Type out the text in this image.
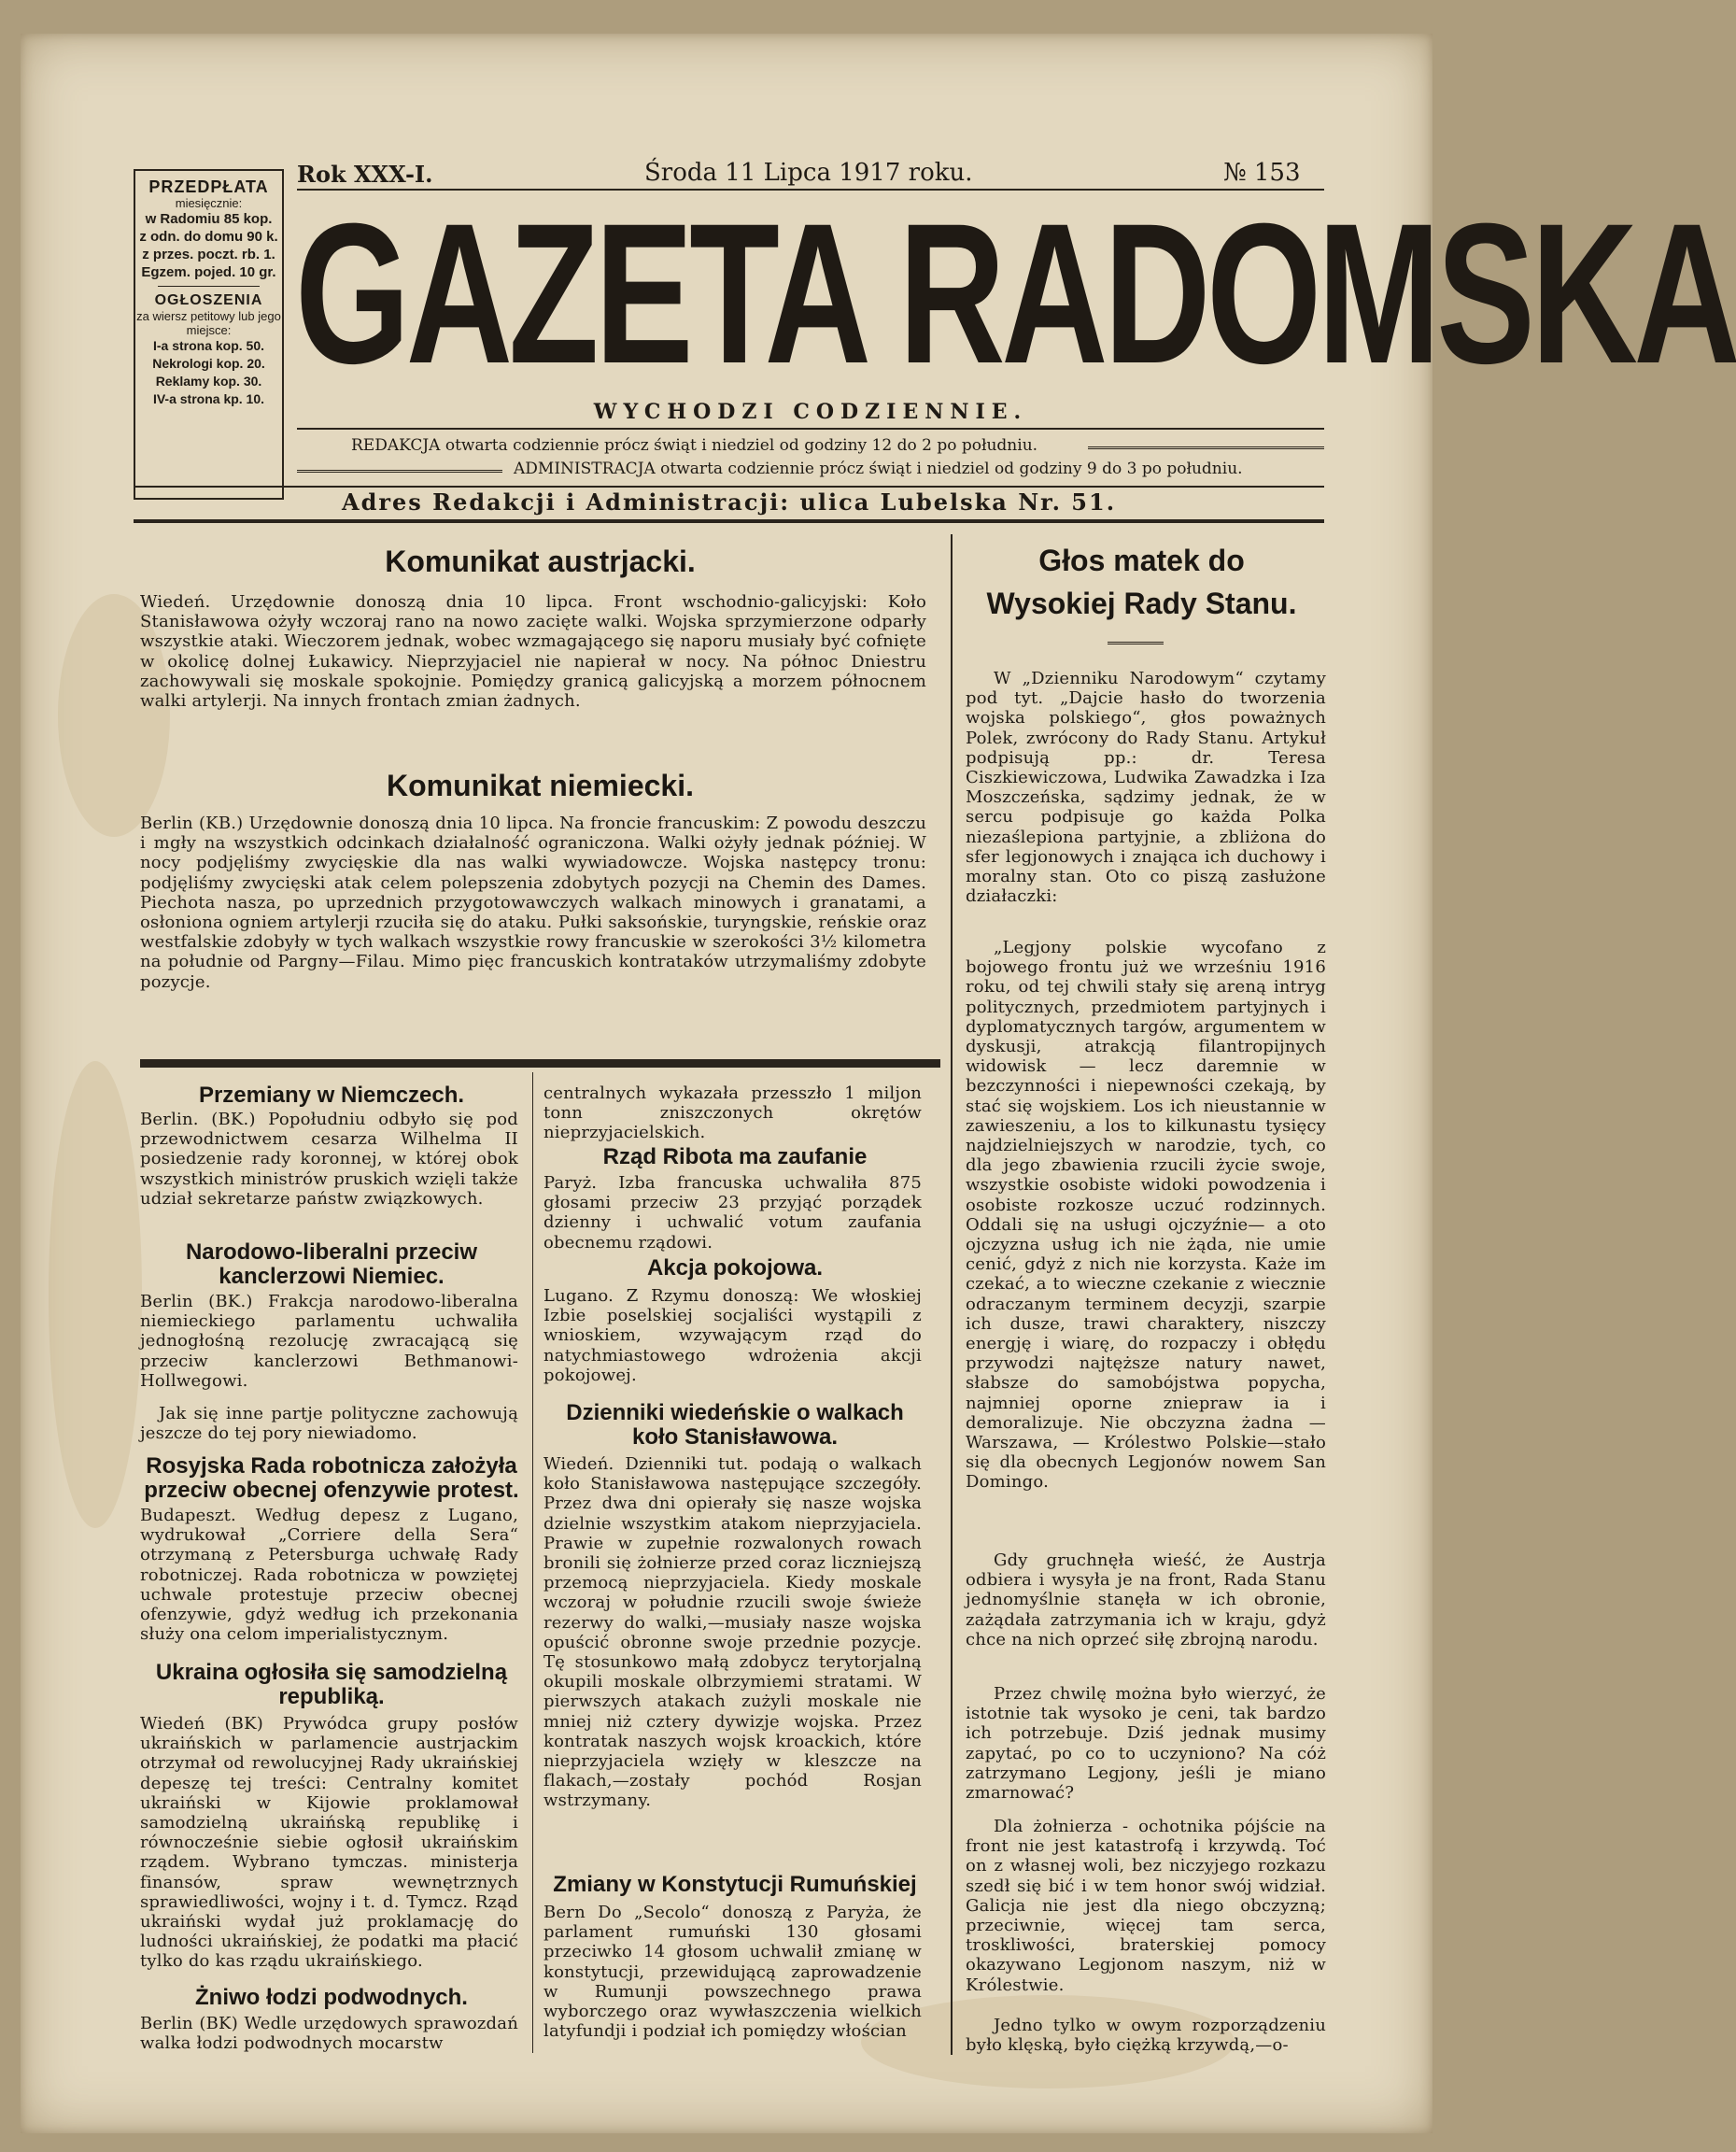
PRZEDPŁATA
miesięcznie:
w Radomiu 85 kop.
z odn. do domu 90 k.
z przes. poczt. rb. 1.
Egzem. pojed. 10 gr.
OGŁOSZENIA
za wiersz petitowy lub jego miejsce:
I-a strona kop. 50.
Nekrologi kop. 20.
Reklamy kop. 30.
IV-a strona kp. 10.
Rok XXX-I.	Środa 11 Lipca 1917 roku.	№ 153
GAZETA RADOMSKA
WYCHODZI CODZIENNIE.
REDAKCJA otwarta codziennie prócz świąt i niedziel od godziny 12 do 2 po południu.
ADMINISTRACJA otwarta codziennie prócz świąt i niedziel od godziny 9 do 3 po południu.
Adres Redakcji i Administracji: ulica Lubelska Nr. 51.
Komunikat austrjacki.

Wiedeń. Urzędownie donoszą dnia 10 lipca. Front wschodnio-galicyjski: Koło Stanisławowa ożyły wczoraj rano na nowo zacięte walki. Wojska sprzymierzone odparły wszystkie ataki. Wieczorem jednak, wobec wzmagającego się naporu musiały być cofnięte w okolicę dolnej Łukawicy. Nieprzyjaciel nie napierał w nocy. Na północ Dniestru zachowywali się moskale spokojnie. Pomiędzy granicą galicyjską a morzem północnem walki artylerji. Na innych frontach zmian żadnych.

Komunikat niemiecki.

Berlin (KB.) Urzędownie donoszą dnia 10 lipca. Na froncie francuskim: Z powodu deszczu i mgły na wszystkich odcinkach działalność ograniczona. Walki ożyły jednak później. W nocy podjęliśmy zwycięskie dla nas walki wywiadowcze. Wojska następcy tronu: podjęliśmy zwycięski atak celem polepszenia zdobytych pozycji na Chemin des Dames. Piechota nasza, po uprzednich przygotowawczych walkach minowych i granatami, a osłoniona ogniem artylerji rzuciła się do ataku. Pułki saksońskie, turyngskie, reńskie oraz westfalskie zdobyły w tych walkach wszystkie rowy francuskie w szerokości 3½ kilometra na południe od Pargny—Filau. Mimo pięc francuskich kontrataków utrzymaliśmy zdobyte pozycje.

Przemiany w Niemczech.

Berlin. (BK.) Popołudniu odbyło się pod przewodnictwem cesarza Wilhelma II posiedzenie rady koronnej, w której obok wszystkich ministrów pruskich wzięli także udział sekretarze państw związkowych.

Narodowo-liberalni przeciw kanclerzowi Niemiec.

Berlin (BK.) Frakcja narodowo-liberalna niemieckiego parlamentu uchwaliła jednogłośną rezolucję zwracającą się przeciw kanclerzowi Bethmanowi-Hollwegowi.

Jak się inne partje polityczne zachowują jeszcze do tej pory niewiadomo.

Rosyjska Rada robotnicza założyła przeciw obecnej ofenzywie protest.

Budapeszt. Według depesz z Lugano, wydrukował „Corriere della Sera“ otrzymaną z Petersburga uchwałę Rady robotniczej. Rada robotnicza w powziętej uchwale protestuje przeciw obecnej ofenzywie, gdyż według ich przekonania służy ona celom imperialistycznym.

Ukraina ogłosiła się samodzielną republiką.

Wiedeń (BK) Prywódca grupy posłów ukraińskich w parlamencie austrjackim otrzymał od rewolucyjnej Rady ukraińskiej depeszę tej treści: Centralny komitet ukraiński w Kijowie proklamował samodzielną ukraińską republikę i równocześnie siebie ogłosił ukraińskim rządem. Wybrano tymczas. ministerja finansów, spraw wewnętrznych sprawiedliwości, wojny i t. d. Tymcz. Rząd ukraiński wydał już proklamację do ludności ukraińskiej, że podatki ma płacić tylko do kas rządu ukraińskiego.

Żniwo łodzi podwodnych.

Berlin (BK) Wedle urzędowych sprawozdań walka łodzi podwodnych mocarstw

centralnych wykazała przesszło 1 miljon tonn zniszczonych okrętów nieprzyjacielskich.

Rząd Ribota ma zaufanie

Paryż. Izba francuska uchwaliła 875 głosami przeciw 23 przyjąć porządek dzienny i uchwalić votum zaufania obecnemu rządowi.

Akcja pokojowa.

Lugano. Z Rzymu donoszą: We włoskiej Izbie poselskiej socjaliści wystąpili z wnioskiem, wzywającym rząd do natychmiastowego wdrożenia akcji pokojowej.

Dzienniki wiedeńskie o walkach koło Stanisławowa.

Wiedeń. Dzienniki tut. podają o walkach koło Stanisławowa następujące szczegóły. Przez dwa dni opierały się nasze wojska dzielnie wszystkim atakom nieprzyjaciela. Prawie w zupełnie rozwalonych rowach bronili się żołnierze przed coraz liczniejszą przemocą nieprzyjaciela. Kiedy moskale wczoraj w południe rzucili swoje świeże rezerwy do walki,—musiały nasze wojska opuścić obronne swoje przednie pozycje. Tę stosunkowo małą zdobycz terytorjalną okupili moskale olbrzymiemi stratami. W pierwszych atakach zużyli moskale nie mniej niż cztery dywizje wojska. Przez kontratak naszych wojsk kroackich, które nieprzyjaciela wzięły w kleszcze na flakach,—zostały pochód Rosjan wstrzymany.

Zmiany w Konstytucji Rumuńskiej

Bern Do „Secolo“ donoszą z Paryża, że parlament rumuński 130 głosami przeciwko 14 głosom uchwalił zmianę w konstytucji, przewidującą zaprowadzenie w Rumunji powszechnego prawa wyborczego oraz wywłaszczenia wielkich latyfundji i podział ich pomiędzy włościan

Głos matek do
Wysokiej Rady Stanu.

W „Dzienniku Narodowym“ czytamy pod tyt. „Dajcie hasło do tworzenia wojska polskiego“, głos poważnych Polek, zwrócony do Rady Stanu. Artykuł podpisują pp.: dr. Teresa Ciszkiewiczowa, Ludwika Zawadzka i Iza Moszczeńska, sądzimy jednak, że w sercu podpisuje go każda Polka niezaślepiona partyjnie, a zbliżona do sfer legjonowych i znająca ich duchowy i moralny stan. Oto co piszą zasłużone działaczki:

„Legjony polskie wycofano z bojowego frontu już we wrześniu 1916 roku, od tej chwili stały się areną intryg politycznych, przedmiotem partyjnych i dyplomatycznych targów, argumentem w dyskusji, atrakcją filantropijnych widowisk — lecz daremnie w bezczynności i niepewności czekają, by stać się wojskiem. Los ich nieustannie w zawieszeniu, a los to kilkunastu tysięcy najdzielniejszych w narodzie, tych, co dla jego zbawienia rzucili życie swoje, wszystkie osobiste widoki powodzenia i osobiste rozkosze uczuć rodzinnych. Oddali się na usługi ojczyźnie— a oto ojczyzna usług ich nie żąda, nie umie cenić, gdyż z nich nie korzysta. Każe im czekać, a to wieczne czekanie z wiecznie odraczanym terminem decyzji, szarpie ich dusze, trawi charaktery, niszczy energję i wiarę, do rozpaczy i obłędu przywodzi najtęższe natury nawet, słabsze do samobójstwa popycha, najmniej oporne zniepraw ia i demoralizuje. Nie obczyzna żadna — Warszawa, — Królestwo Polskie—stało się dla obecnych Legjonów nowem San Domingo.

Gdy gruchnęła wieść, że Austrja odbiera i wysyła je na front, Rada Stanu jednomyślnie stanęła w ich obronie, zażądała zatrzymania ich w kraju, gdyż chce na nich oprzeć siłę zbrojną narodu.

Przez chwilę można było wierzyć, że istotnie tak wysoko je ceni, tak bardzo ich potrzebuje. Dziś jednak musimy zapytać, po co to uczyniono? Na cóż zatrzymano Legjony, jeśli je miano zmarnować?

Dla żołnierza - ochotnika pójście na front nie jest katastrofą i krzywdą. Toć on z własnej woli, bez niczyjego rozkazu szedł się bić i w tem honor swój widział. Galicja nie jest dla niego obczyzną; przeciwnie, więcej tam serca, troskliwości, braterskiej pomocy okazywano Legjonom naszym, niż w Królestwie.

Jedno tylko w owym rozporządzeniu było klęską, było ciężką krzywdą,—o-
